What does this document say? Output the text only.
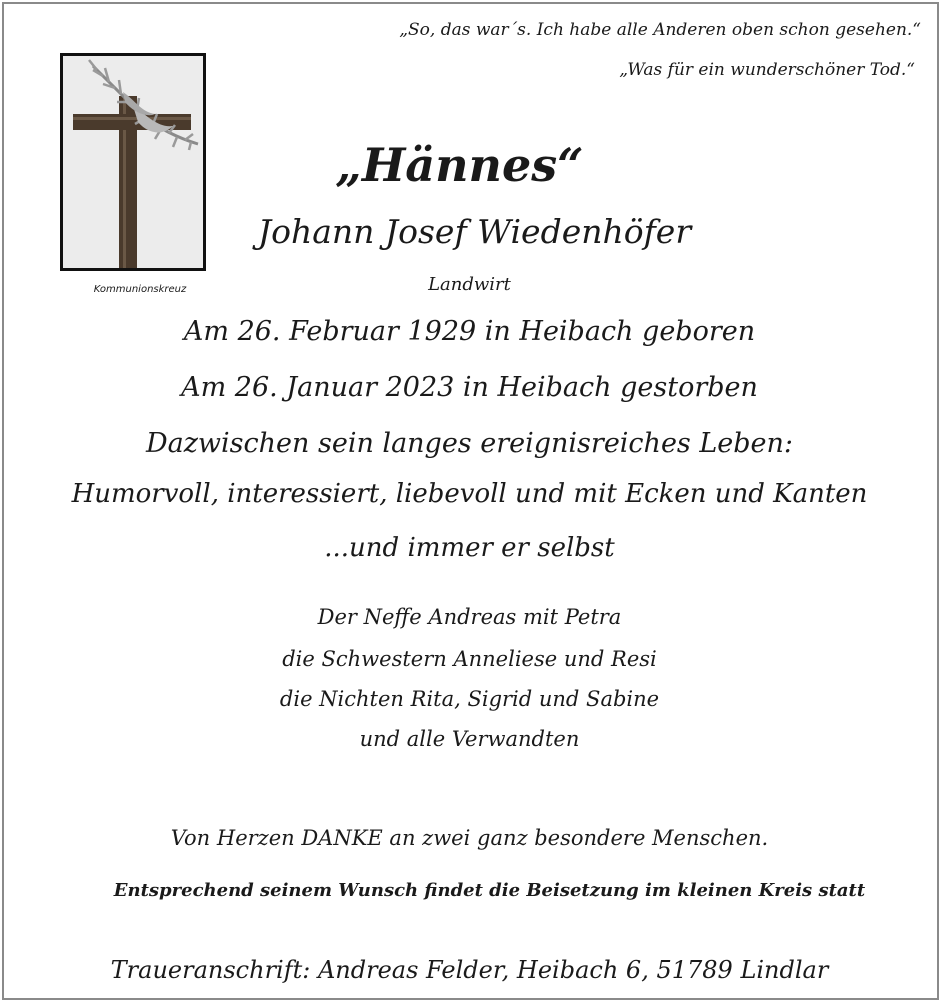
„So, das war´s. Ich habe alle Anderen oben schon gesehen.“
„Was für ein wunderschöner Tod.“
Kommunionskreuz
„Hännes“
Johann Josef Wiedenhöfer
Landwirt
Am 26. Februar 1929 in Heibach geboren
Am 26. Januar 2023 in Heibach gestorben
Dazwischen sein langes ereignisreiches Leben:
Humorvoll, interessiert, liebevoll und mit Ecken und Kanten
...und immer er selbst
Der Neffe Andreas mit Petra
die Schwestern Anneliese und Resi
die Nichten Rita, Sigrid und Sabine
und alle Verwandten
Von Herzen DANKE an zwei ganz besondere Menschen.
Entsprechend seinem Wunsch findet die Beisetzung im kleinen Kreis statt
Traueranschrift: Andreas Felder, Heibach 6, 51789 Lindlar
